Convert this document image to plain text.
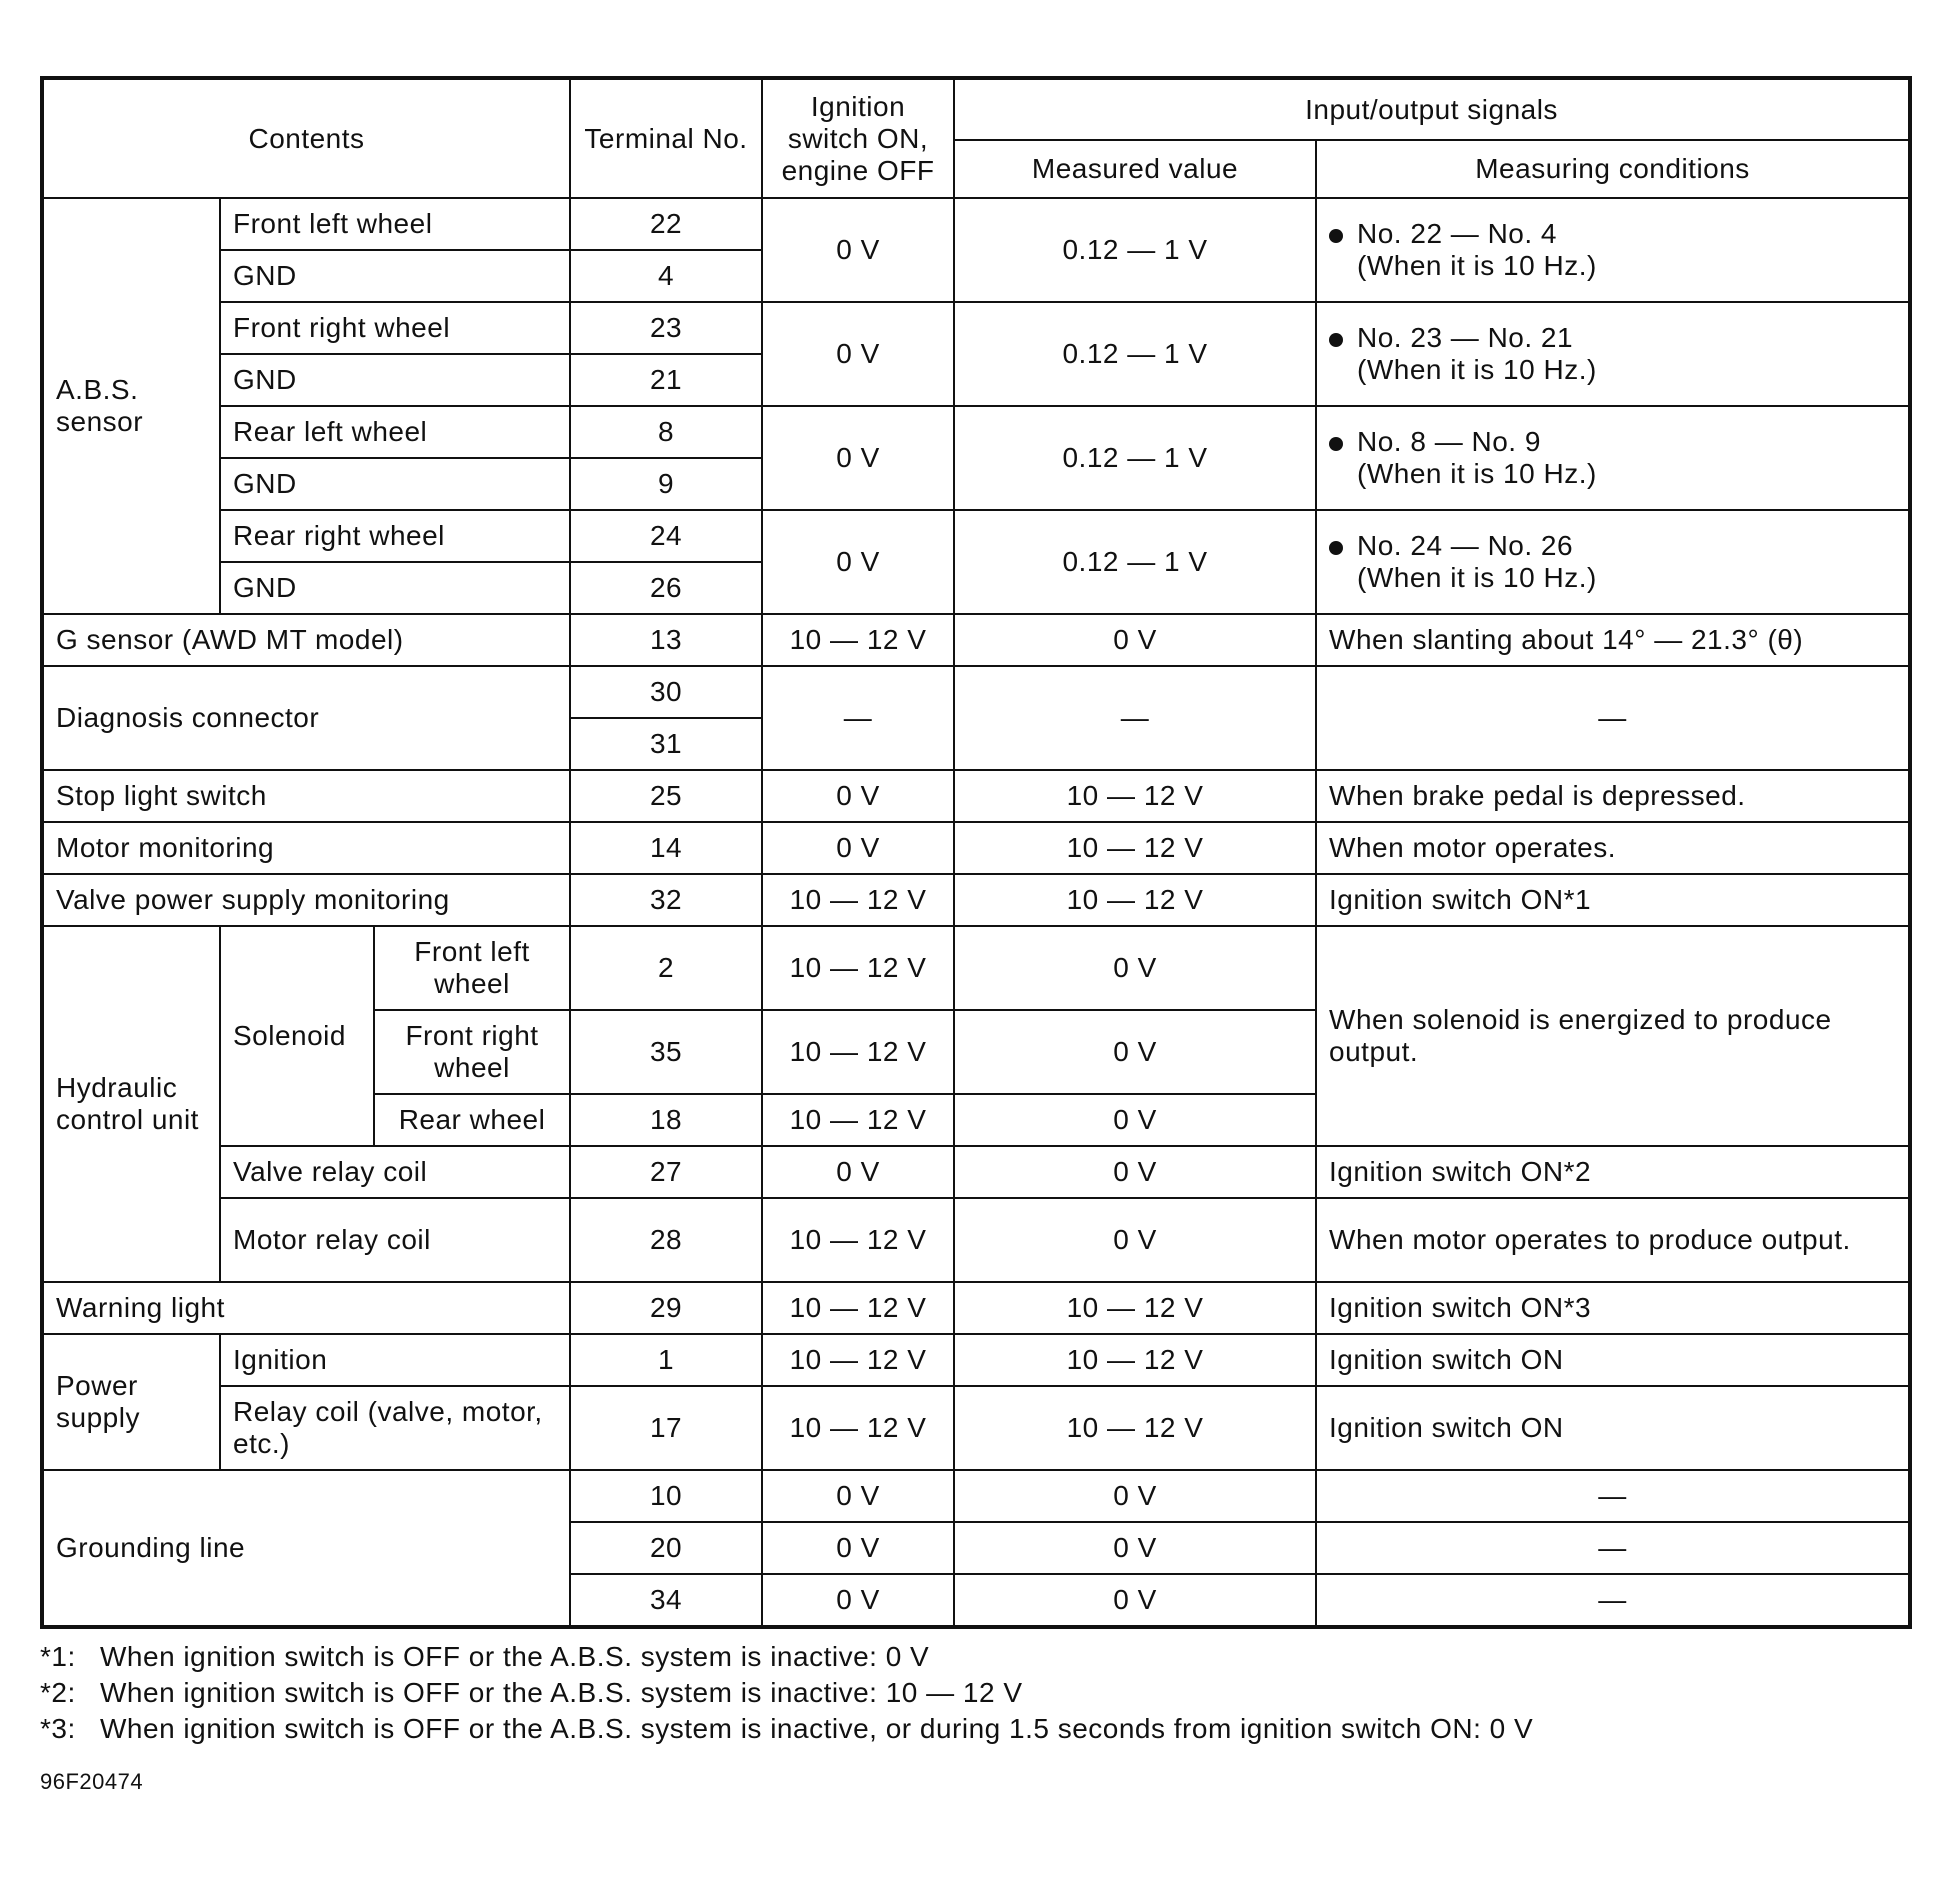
Contents			Terminal No.	Ignition switch ON, engine OFF	Input/output signals	
					Measured value	Measuring conditions
A.B.S. sensor	Front left wheel		22	0 V	0.12 — 1 V	No. 22 — No. 4
(When it is 10 Hz.)

	GND		4			
	Front right wheel		23	0 V	0.12 — 1 V	No. 23 — No. 21
(When it is 10 Hz.)

	GND		21			
	Rear left wheel		8	0 V	0.12 — 1 V	No. 8 — No. 9
(When it is 10 Hz.)

	GND		9			
	Rear right wheel		24	0 V	0.12 — 1 V	No. 24 — No. 26
(When it is 10 Hz.)

	GND		26			
G sensor (AWD MT model)			13	10 — 12 V	0 V	When slanting about 14° — 21.3° (θ)
Diagnosis connector			30	—	—	—
			31			
Stop light switch			25	0 V	10 — 12 V	When brake pedal is depressed.
Motor monitoring			14	0 V	10 — 12 V	When motor operates.
Valve power supply monitoring			32	10 — 12 V	10 — 12 V	Ignition switch ON*1
Hydraulic control unit	Solenoid	Front left wheel	2	10 — 12 V	0 V	When solenoid is energized to produce output.
		Front right wheel	35	10 — 12 V	0 V	
		Rear wheel	18	10 — 12 V	0 V	
	Valve relay coil		27	0 V	0 V	Ignition switch ON*2
	Motor relay coil		28	10 — 12 V	0 V	When motor operates to produce output.
Warning light			29	10 — 12 V	10 — 12 V	Ignition switch ON*3
Power supply	Ignition		1	10 — 12 V	10 — 12 V	Ignition switch ON
	Relay coil (valve, motor, etc.)		17	10 — 12 V	10 — 12 V	Ignition switch ON
Grounding line			10	0 V	0 V	—
			20	0 V	0 V	—
			34	0 V	0 V	—
*1: When ignition switch is OFF or the A.B.S. system is inactive: 0 V
*2: When ignition switch is OFF or the A.B.S. system is inactive: 10 — 12 V
*3: When ignition switch is OFF or the A.B.S. system is inactive, or during 1.5 seconds from ignition switch ON: 0 V
96F20474
